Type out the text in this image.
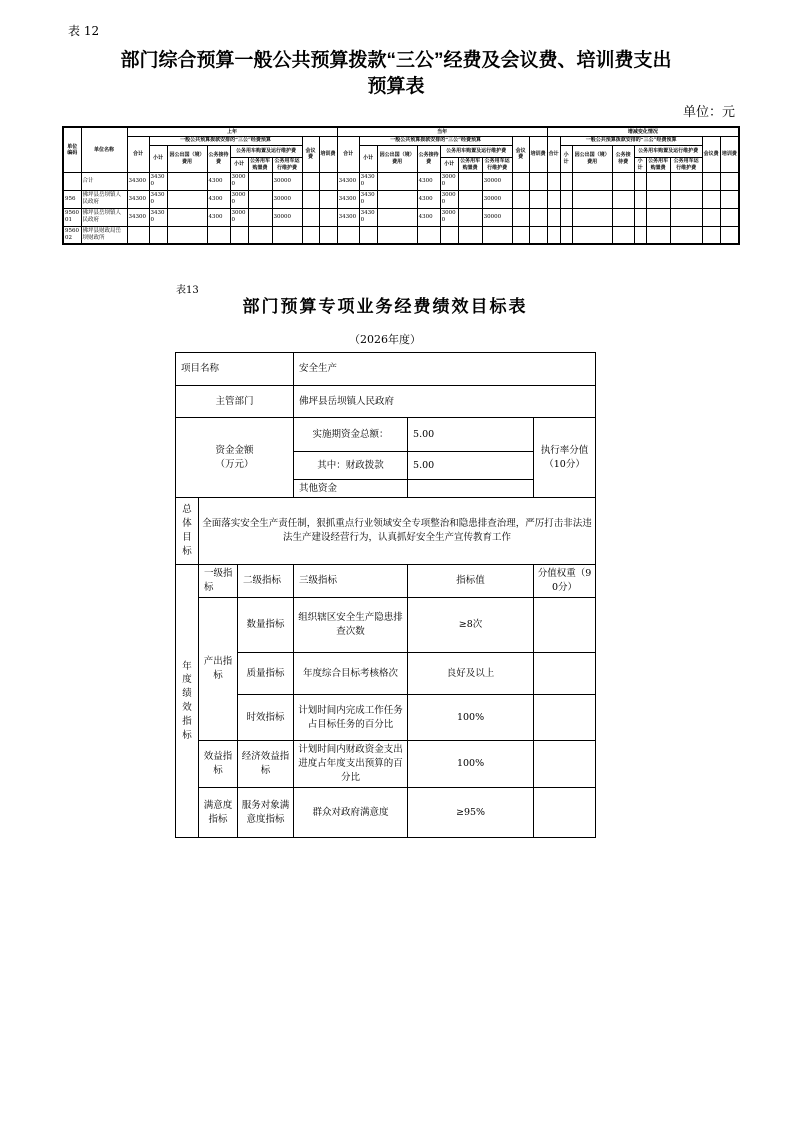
表 12
部门综合预算一般公共预算拨款“三公”经费及会议费、培训费支出
预算表
单位：元
单位编码	单位名称	上年									当年									增减变化情况								
		合计	一般公共预算拨款安排的“三公”经费预算						会议费	培训费	合计	一般公共预算拨款安排的“三公”经费预算						会议费	培训费	合计	一般公共预算拨款安排的“三公”经费预算						会议费	培训费
			小计	因公出国（境）费用	公务接待费	公务用车购置及运行维护费						小计	因公出国（境）费用	公务接待费	公务用车购置及运行维护费						小计	因公出国（境）费用	公务接待费	公务用车购置及运行维护费				
						小计	公务用车购置费	公务用车运行维护费							小计	公务用车购置费	公务用车运行维护费							小计	公务用车购置费	公务用车运行维护费		
	合计	34300	34300		4300	30000		30000			34300	34300		4300	30000		30000											
956	佛坪县岳坝镇人民政府	34300	34300		4300	30000		30000			34300	34300		4300	30000		30000											
956001	佛坪县岳坝镇人民政府	34300	34300		4300	30000		30000			34300	34300		4300	30000		30000											
956002	佛坪县财政局岳坝财政所																											
表13
部门预算专项业务经费绩效目标表
（2026年度）
项目名称			安全生产		
主管部门			佛坪县岳坝镇人民政府		

资金金额
（万元）			实施期资金总额：	5.00	执行率分值（10分）
			其中：财政拨款	5.00	
			其他资金		
总体目标	全面落实安全生产责任制，狠抓重点行业领域安全专项整治和隐患排查治理，严厉打击非法违法生产建设经营行为，认真抓好安全生产宣传教育工作				
年度绩效指标	一级指标	二级指标	三级指标	指标值	分值权重（90分）
	产出指标	数量指标	组织辖区安全生产隐患排查次数	≥8次	
		质量指标	年度综合目标考核格次	良好及以上	
		时效指标	计划时间内完成工作任务占目标任务的百分比	100%	
	效益指标	经济效益指标	计划时间内财政资金支出进度占年度支出预算的百分比	100%	
	满意度指标	服务对象满意度指标	群众对政府满意度	≥95%	
